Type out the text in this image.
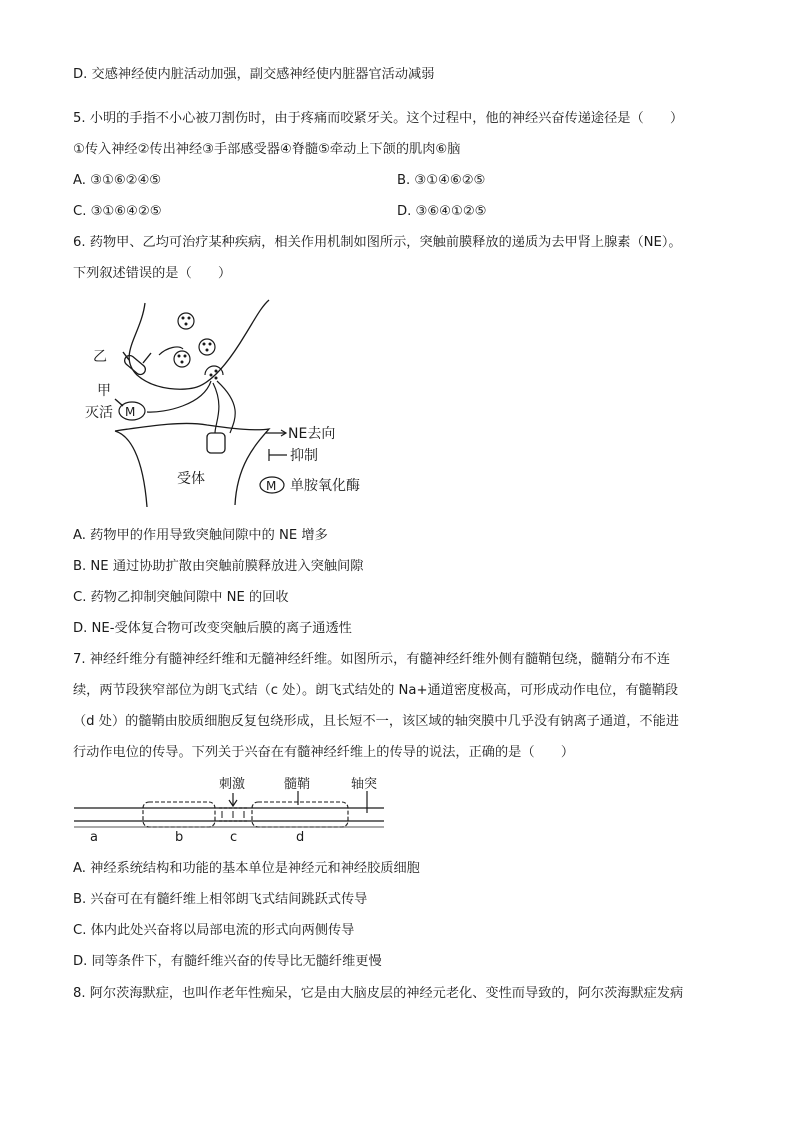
D. 交感神经使内脏活动加强，副交感神经使内脏器官活动减弱
5. 小明的手指不小心被刀割伤时，由于疼痛而咬紧牙关。这个过程中，他的神经兴奋传递途径是（　　）
①传入神经②传出神经③手部感受器④脊髓⑤牵动上下颌的肌肉⑥脑
A. ③①⑥②④⑤	B. ③①④⑥②⑤
C. ③①⑥④②⑤	D. ③⑥④①②⑤
6. 药物甲、乙均可治疗某种疾病，相关作用机制如图所示，突触前膜释放的递质为去甲肾上腺素（NE）。
下列叙述错误的是（　　）
乙
甲
灭活 M
受体
NE去向
抑制
M 单胺氧化酶
A. 药物甲的作用导致突触间隙中的 NE 增多
B. NE 通过协助扩散由突触前膜释放进入突触间隙
C. 药物乙抑制突触间隙中 NE 的回收
D. NE-受体复合物可改变突触后膜的离子通透性
7. 神经纤维分有髓神经纤维和无髓神经纤维。如图所示，有髓神经纤维外侧有髓鞘包绕，髓鞘分布不连
续，两节段狭窄部位为朗飞式结（c 处）。朗飞式结处的 Na+通道密度极高，可形成动作电位，有髓鞘段
（d 处）的髓鞘由胶质细胞反复包绕形成，且长短不一，该区域的轴突膜中几乎没有钠离子通道，不能进
行动作电位的传导。下列关于兴奋在有髓神经纤维上的传导的说法，正确的是（　　）
刺激	髓鞘	轴突
a	b	c	d
A. 神经系统结构和功能的基本单位是神经元和神经胶质细胞
B. 兴奋可在有髓纤维上相邻朗飞式结间跳跃式传导
C. 体内此处兴奋将以局部电流的形式向两侧传导
D. 同等条件下，有髓纤维兴奋的传导比无髓纤维更慢
8. 阿尔茨海默症，也叫作老年性痴呆，它是由大脑皮层的神经元老化、变性而导致的，阿尔茨海默症发病
